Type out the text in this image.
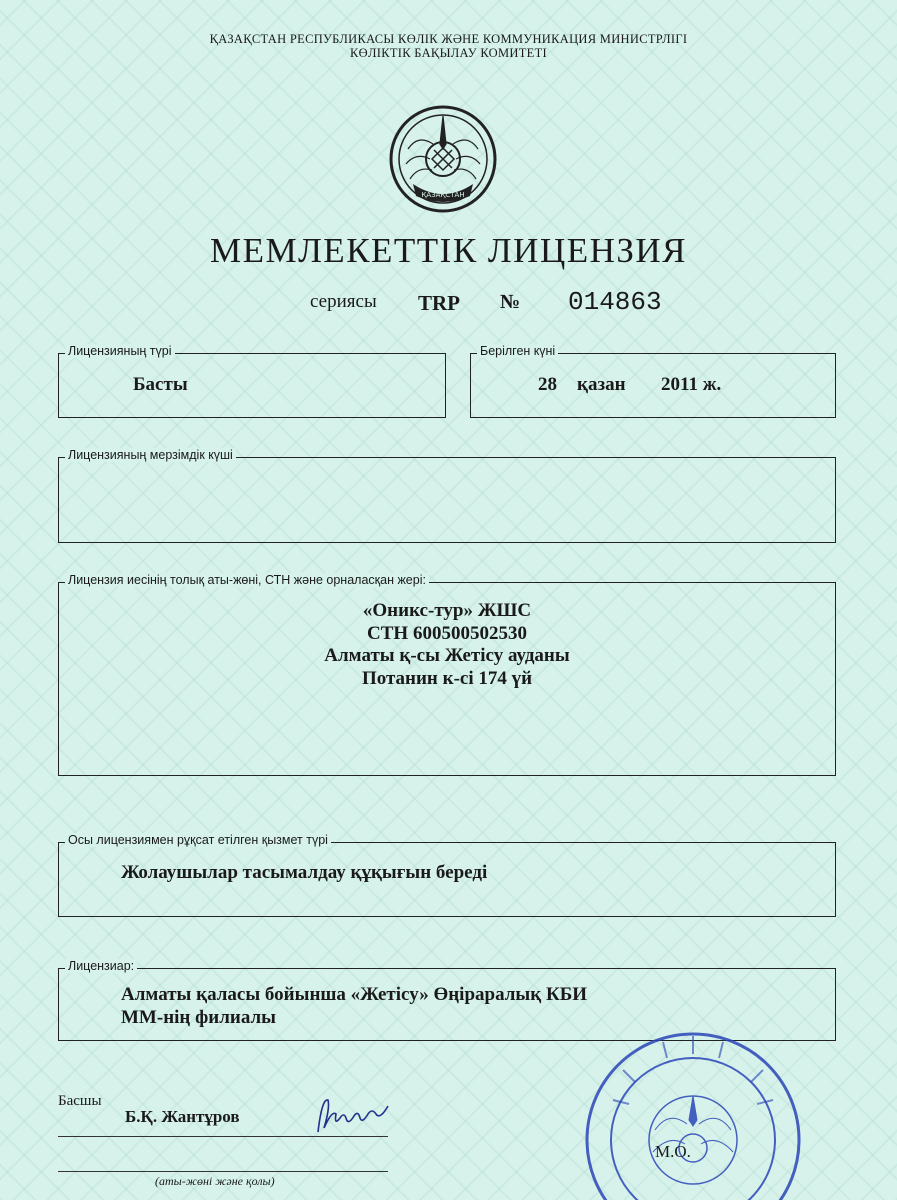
ҚАЗАҚСТАН РЕСПУБЛИКАСЫ КӨЛІК ЖӘНЕ КОММУНИКАЦИЯ МИНИСТРЛІГІ
КӨЛІКТІК БАҚЫЛАУ КОМИТЕТІ
ҚАЗАҚСТАН
МЕМЛЕКЕТТІК ЛИЦЕНЗИЯ
сериясы TRP № 014863
Лицензияның түрі
Басты
Берілген күні
28 қазан 2011 ж.
Лицензияның мерзімдік күші
Лицензия иесінің толық аты-жөні, СТН және орналасқан жері:
«Оникс-тур» ЖШС
СТН 600500502530
Алматы қ-сы Жетісу ауданы
Потанин к-сі 174 үй
Осы лицензиямен рұқсат етілген қызмет түрі
Жолаушылар тасымалдау құқығын береді
Лицензиар:
Алматы қаласы бойынша «Жетісу» Өңіраралық КБИ
ММ-нің филиалы
Басшы
Б.Қ. Жантұров
(аты-жөні және қолы)
М.О.
